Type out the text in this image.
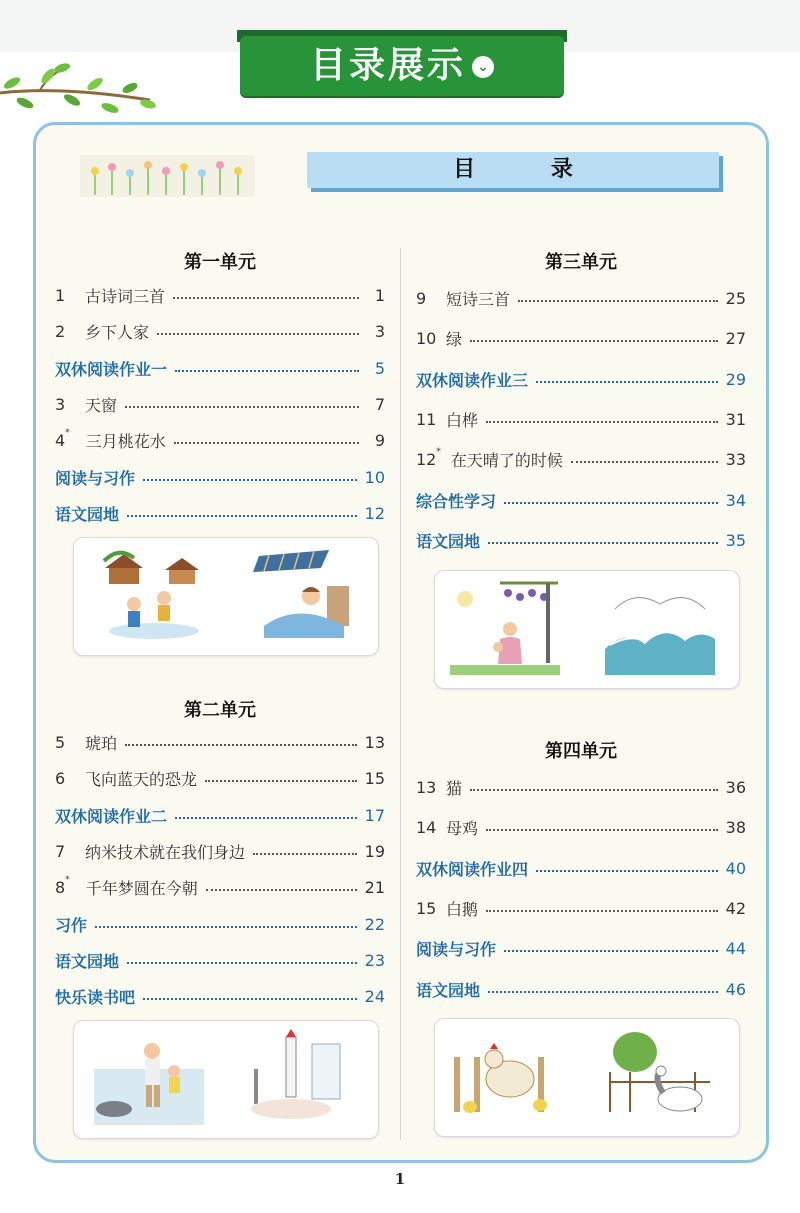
目录展示 ⌄
目 录
第一单元
第二单元
第三单元
第四单元
1	古诗词三首	1
2	乡下人家	3
双休阅读作业一	5
3	天窗	7
4* 三月桃花水	9
阅读与习作	10
语文园地	12
5	琥珀	13
6	飞向蓝天的恐龙	15
双休阅读作业二	17
7	纳米技术就在我们身边	19
8* 千年梦圆在今朝	21
习作	22
语文园地	23
快乐读书吧	24
9	短诗三首	25
10 绿	27
双休阅读作业三	29
11 白桦	31
12* 在天晴了的时候	33
综合性学习	34
语文园地	35
13 猫	36
14 母鸡	38
双休阅读作业四	40
15 白鹅	42
阅读与习作	44
语文园地	46
1
